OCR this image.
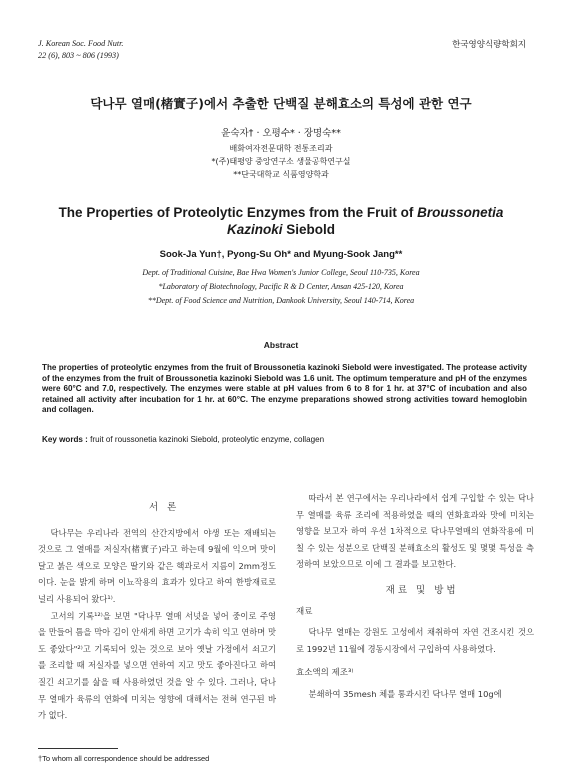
J. Korean Soc. Food Nutr.
22 (6), 803 ~ 806 (1993)
한국영양식량학회지
닥나무 열매(楮實子)에서 추출한 단백질 분해효소의 특성에 관한 연구
윤숙자† · 오평수* · 장명숙**
배화여자전문대학 전통조리과
*(주)태평양 중앙연구소 생물공학연구실
**단국대학교 식품영양학과
The Properties of Proteolytic Enzymes from the Fruit of Broussonetia
Kazinoki Siebold
Sook-Ja Yun†, Pyong-Su Oh* and Myung-Sook Jang**
Dept. of Traditional Cuisine, Bae Hwa Women's Junior College, Seoul 110-735, Korea
*Laboratory of Biotechnology, Pacific R & D Center, Ansan 425-120, Korea
**Dept. of Food Science and Nutrition, Dankook University, Seoul 140-714, Korea
Abstract
The properties of proteolytic enzymes from the fruit of Broussonetia kazinoki Siebold were investigated. The protease activity of the enzymes from the fruit of Broussonetia kazinoki Siebold was 1.6 unit. The optimum temperature and pH of the enzymes were 60°C and 7.0, respectively. The enzymes were stable at pH values from 6 to 8 for 1 hr. at 37°C of incubation and also retained all activity after incubation for 1 hr. at 60°C. The enzyme preparations showed strong activities toward hemoglobin and collagen.
Key words : fruit of roussonetia kazinoki Siebold, proteolytic enzyme, collagen

서 론

닥나무는 우리나라 전역의 산간지방에서 야생 또는 재배되는 것으로 그 열매를 저실자(楮實子)라고 하는데 9월에 익으며 맛이 달고 붉은 색으로 모양은 딸기와 같은 핵과로서 지름이 2mm정도이다. 눈을 밝게 하며 이뇨작용의 효과가 있다고 하여 한방재료로 널리 사용되어 왔다¹⁾.

고서의 기록¹²⁾을 보면 "닥나무 열매 서넛을 넣어 중이로 주영을 만들어 틈을 막아 김이 안새게 하면 고기가 속히 익고 연하며 맛도 좋았다"²⁾고 기록되어 있는 것으로 보아 옛날 가정에서 쇠고기를 조리할 때 저실자를 넣으면 연하여 지고 맛도 좋아진다고 하여 질긴 쇠고기를 삶을 때 사용하였던 것을 알 수 있다. 그러나, 닥나무 열매가 육류의 연화에 미치는 영향에 대해서는 전혀 연구된 바가 없다.

따라서 본 연구에서는 우리나라에서 쉽게 구입할 수 있는 닥나무 열매를 육류 조리에 적용하였을 때의 연화효과와 맛에 미치는 영향을 보고자 하여 우선 1차적으로 닥나무열매의 연화작용에 미칠 수 있는 성분으로 단백질 분해효소의 활성도 및 몇몇 특성을 측정하여 보았으므로 이에 그 결과를 보고한다.

재료 및 방법

재료

닥나무 열매는 강원도 고성에서 채취하여 자연 건조시킨 것으로 1992년 11월에 경동시장에서 구입하여 사용하였다.

효소액의 제조³⁾

분쇄하여 35mesh 체를 통과시킨 닥나무 열매 10g에

†To whom all correspondence should be addressed
